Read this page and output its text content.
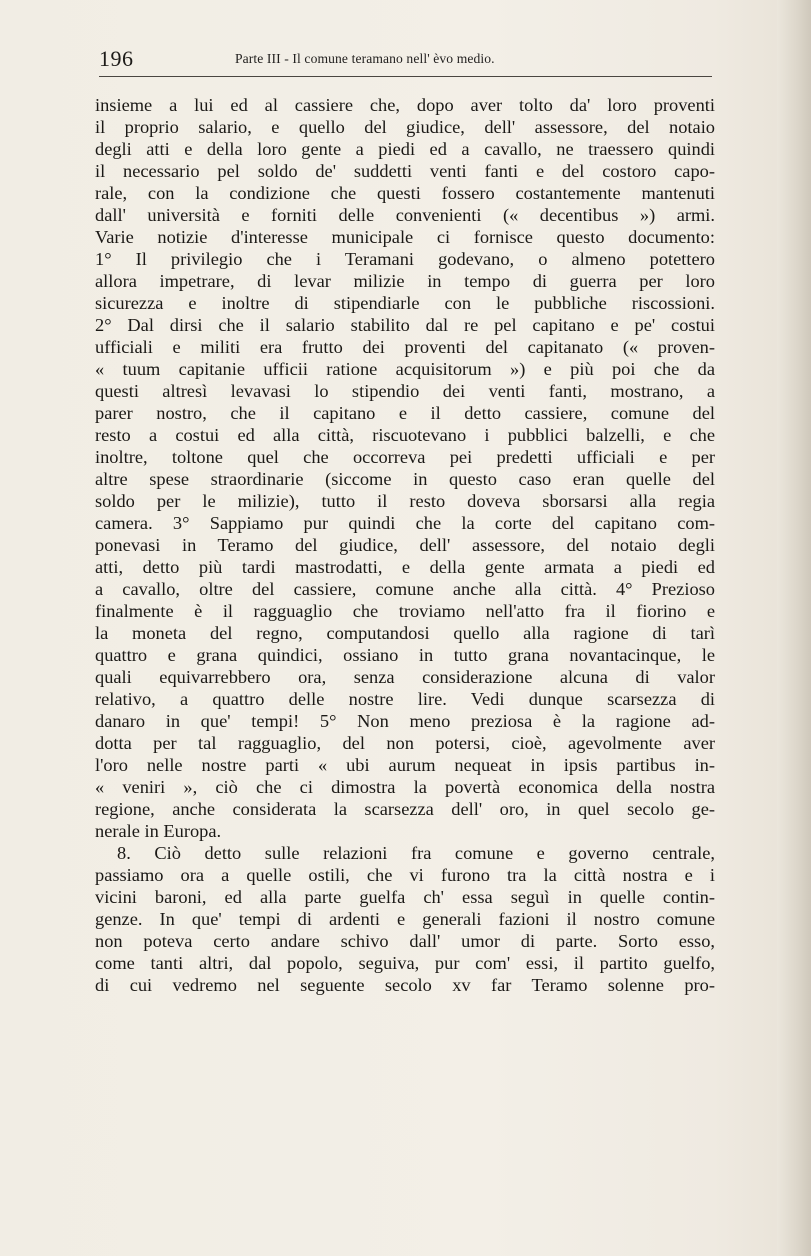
196	Parte III - Il comune teramano nell' èvo medio.
insieme a lui ed al cassiere che, dopo aver tolto da' loro proventi
il proprio salario, e quello del giudice, dell' assessore, del notaio
degli atti e della loro gente a piedi ed a cavallo, ne traessero quindi
il necessario pel soldo de' suddetti venti fanti e del costoro capo-
rale, con la condizione che questi fossero costantemente mantenuti
dall' università e forniti delle convenienti (« decentibus ») armi.
Varie notizie d'interesse municipale ci fornisce questo documento:
1° Il privilegio che i Teramani godevano, o almeno potettero
allora impetrare, di levar milizie in tempo di guerra per loro
sicurezza e inoltre di stipendiarle con le pubbliche riscossioni.
2° Dal dirsi che il salario stabilito dal re pel capitano e pe' costui
ufficiali e militi era frutto dei proventi del capitanato (« proven-
« tuum capitanie ufficii ratione acquisitorum ») e più poi che da
questi altresì levavasi lo stipendio dei venti fanti, mostrano, a
parer nostro, che il capitano e il detto cassiere, comune del
resto a costui ed alla città, riscuotevano i pubblici balzelli, e che
inoltre, toltone quel che occorreva pei predetti ufficiali e per
altre spese straordinarie (siccome in questo caso eran quelle del
soldo per le milizie), tutto il resto doveva sborsarsi alla regia
camera. 3° Sappiamo pur quindi che la corte del capitano com-
ponevasi in Teramo del giudice, dell' assessore, del notaio degli
atti, detto più tardi mastrodatti, e della gente armata a piedi ed
a cavallo, oltre del cassiere, comune anche alla città. 4° Prezioso
finalmente è il ragguaglio che troviamo nell'atto fra il fiorino e
la moneta del regno, computandosi quello alla ragione di tarì
quattro e grana quindici, ossiano in tutto grana novantacinque, le
quali equivarrebbero ora, senza considerazione alcuna di valor
relativo, a quattro delle nostre lire. Vedi dunque scarsezza di
danaro in que' tempi! 5° Non meno preziosa è la ragione ad-
dotta per tal ragguaglio, del non potersi, cioè, agevolmente aver
l'oro nelle nostre parti « ubi aurum nequeat in ipsis partibus in-
« veniri », ciò che ci dimostra la povertà economica della nostra
regione, anche considerata la scarsezza dell' oro, in quel secolo ge-
nerale in Europa.
8. Ciò detto sulle relazioni fra comune e governo centrale,
passiamo ora a quelle ostili, che vi furono tra la città nostra e i
vicini baroni, ed alla parte guelfa ch' essa seguì in quelle contin-
genze. In que' tempi di ardenti e generali fazioni il nostro comune
non poteva certo andare schivo dall' umor di parte. Sorto esso,
come tanti altri, dal popolo, seguiva, pur com' essi, il partito guelfo,
di cui vedremo nel seguente secolo xv far Teramo solenne pro-
